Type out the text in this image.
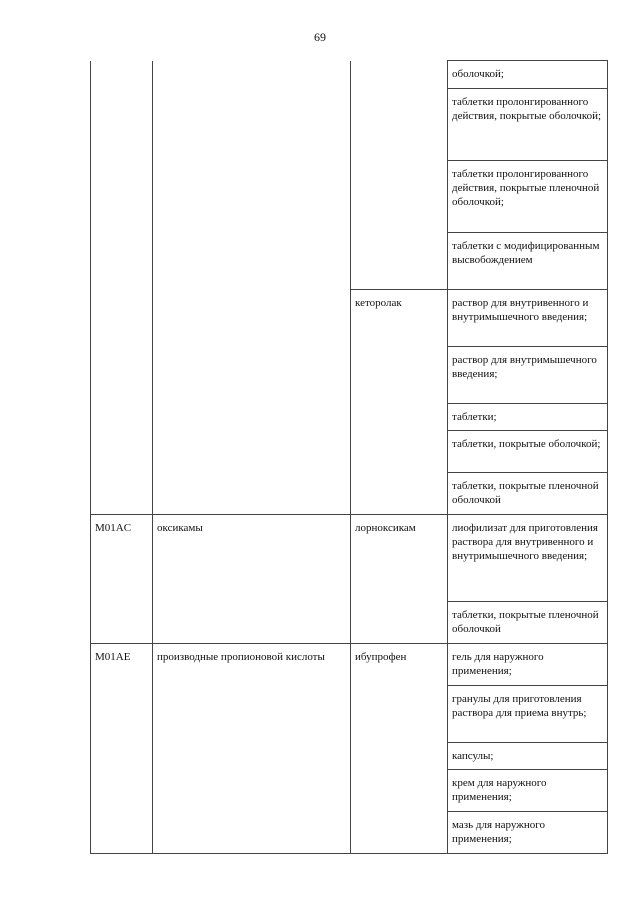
69
			оболочкой;
			таблетки пролонгированного действия, покрытые оболочкой;
			таблетки пролонгированного действия, покрытые пленочной оболочкой;
			таблетки с модифицированным высвобождением
		кеторолак	раствор для внутривенного и внутримышечного введения;
			раствор для внутримышечного введения;
			таблетки;
			таблетки, покрытые оболочкой;
			таблетки, покрытые пленочной оболочкой
M01AC	оксикамы	лорноксикам	лиофилизат для приготовления раствора для внутривенного и внутримышечного введения;
			таблетки, покрытые пленочной оболочкой
M01AE	производные пропионовой кислоты	ибупрофен	гель для наружного применения;
			гранулы для приготовления раствора для приема внутрь;
			капсулы;
			крем для наружного применения;
			мазь для наружного применения;
